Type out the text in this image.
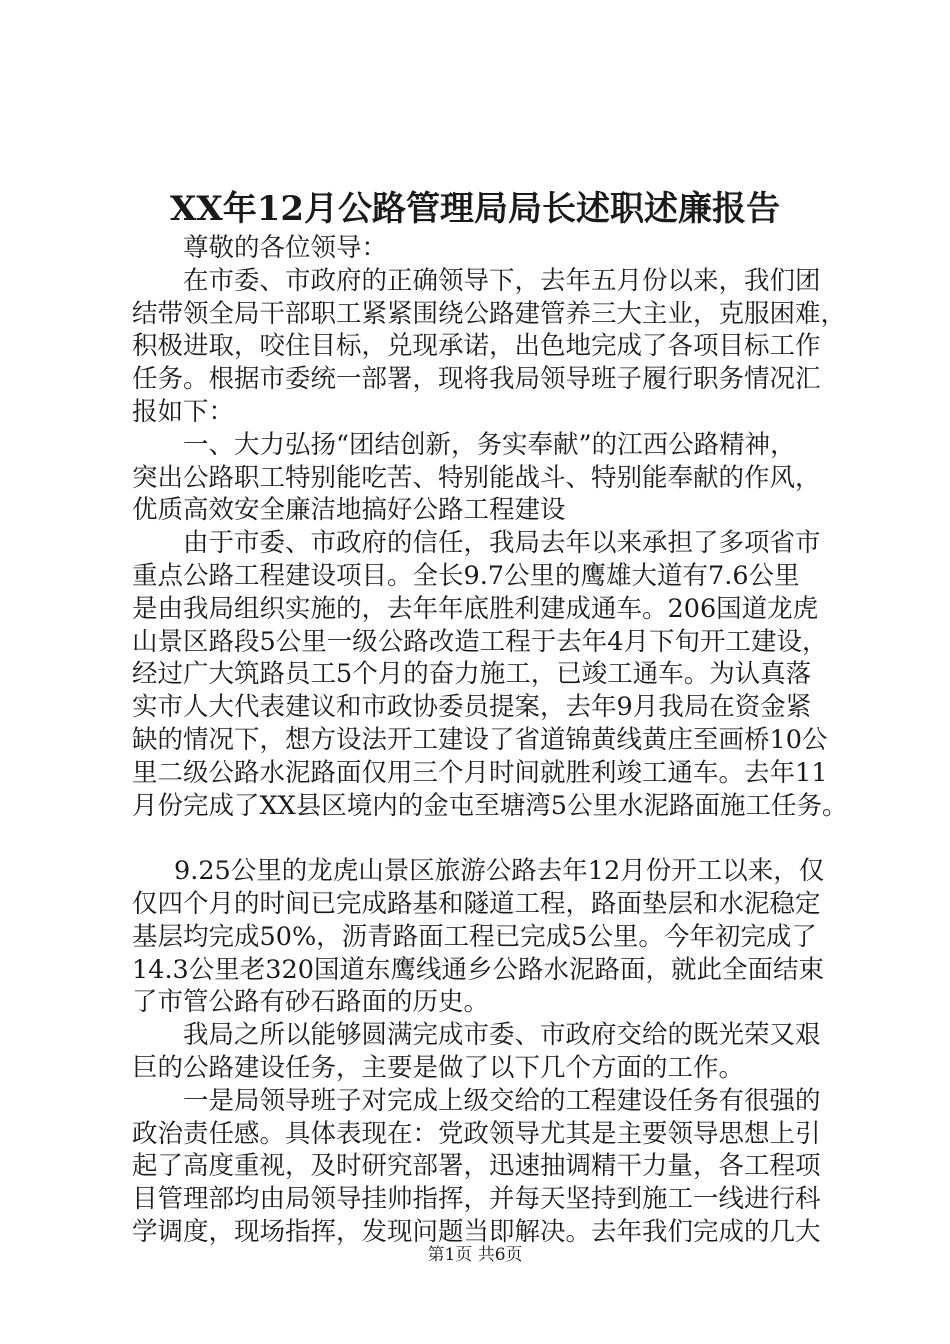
XX年12月公路管理局局长述职述廉报告

尊敬的各位领导：

在市委、市政府的正确领导下，去年五月份以来，我们团

结带领全局干部职工紧紧围绕公路建管养三大主业，克服困难，

积极进取，咬住目标，兑现承诺，出色地完成了各项目标工作

任务。根据市委统一部署，现将我局领导班子履行职务情况汇

报如下：

一、大力弘扬“团结创新，务实奉献”的江西公路精神，

突出公路职工特别能吃苦、特别能战斗、特别能奉献的作风，

优质高效安全廉洁地搞好公路工程建设

由于市委、市政府的信任，我局去年以来承担了多项省市

重点公路工程建设项目。全长9.7公里的鹰雄大道有7.6公里

是由我局组织实施的，去年年底胜利建成通车。206国道龙虎

山景区路段5公里一级公路改造工程于去年4月下旬开工建设，

经过广大筑路员工5个月的奋力施工，已竣工通车。为认真落

实市人大代表建议和市政协委员提案，去年9月我局在资金紧

缺的情况下，想方设法开工建设了省道锦黄线黄庄至画桥10公

里二级公路水泥路面仅用三个月时间就胜利竣工通车。去年11

月份完成了XX县区境内的金屯至塘湾5公里水泥路面施工任务。

9.25公里的龙虎山景区旅游公路去年12月份开工以来，仅

仅四个月的时间已完成路基和隧道工程，路面垫层和水泥稳定

基层均完成50%，沥青路面工程已完成5公里。今年初完成了

14.3公里老320国道东鹰线通乡公路水泥路面，就此全面结束

了市管公路有砂石路面的历史。

我局之所以能够圆满完成市委、市政府交给的既光荣又艰

巨的公路建设任务，主要是做了以下几个方面的工作。

一是局领导班子对完成上级交给的工程建设任务有很强的

政治责任感。具体表现在：党政领导尤其是主要领导思想上引

起了高度重视，及时研究部署，迅速抽调精干力量，各工程项

目管理部均由局领导挂帅指挥，并每天坚持到施工一线进行科

学调度，现场指挥，发现问题当即解决。去年我们完成的几大

第1页 共6页
